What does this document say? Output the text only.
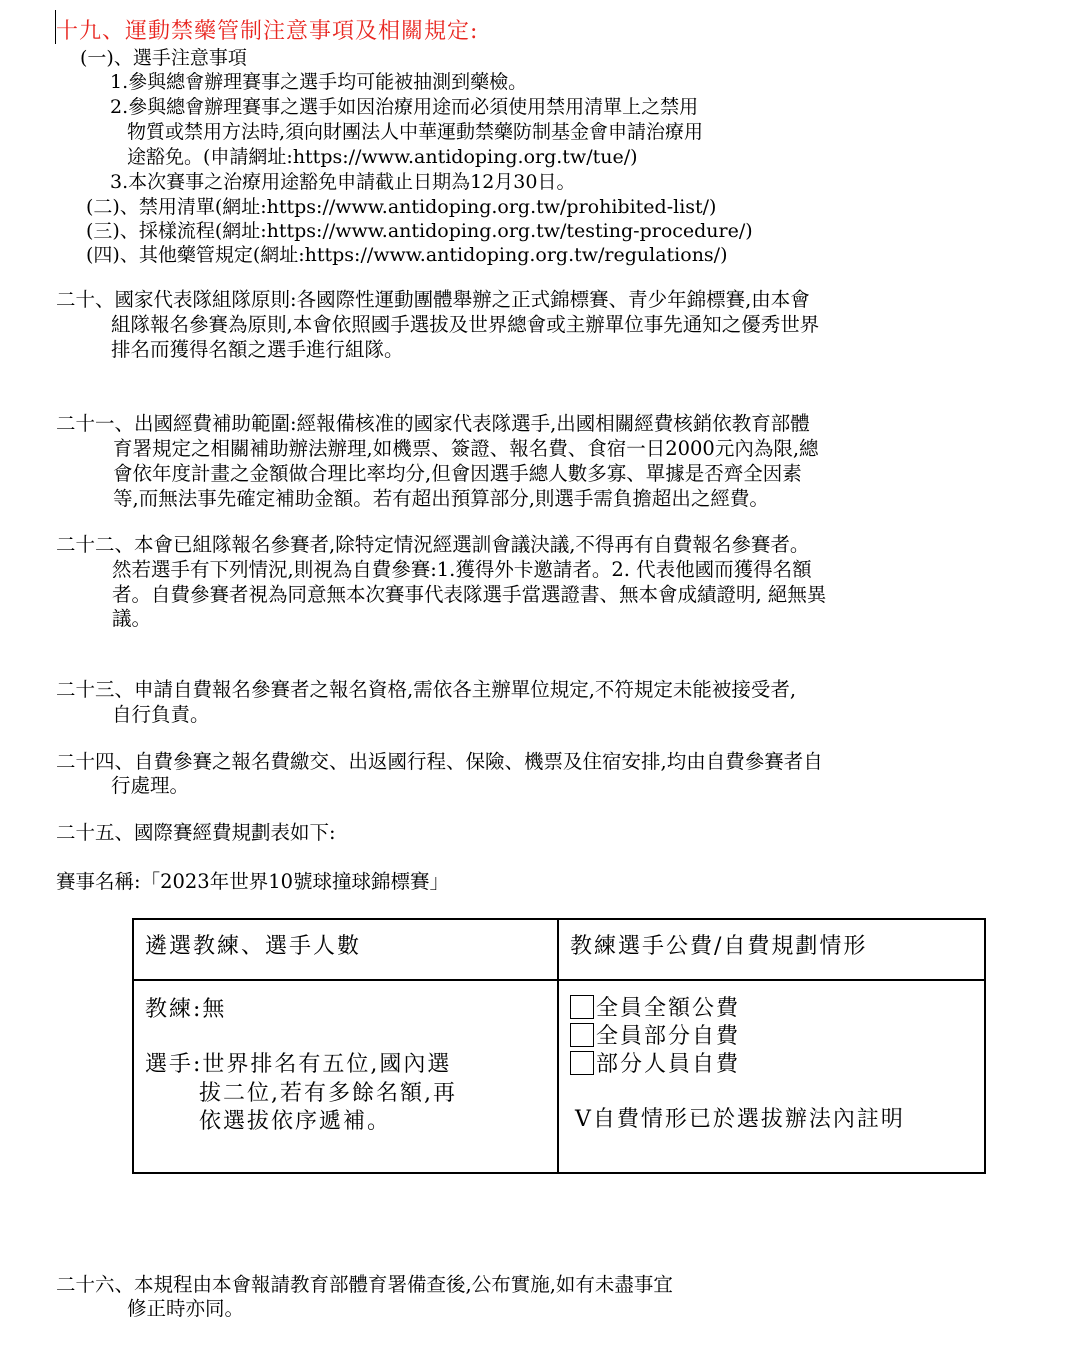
十九、運動禁藥管制注意事項及相關規定:
(一)、選手注意事項
1.參與總會辦理賽事之選手均可能被抽測到藥檢。
2.參與總會辦理賽事之選手如因治療用途而必須使用禁用清單上之禁用
物質或禁用方法時,須向財團法人中華運動禁藥防制基金會申請治療用
途豁免。(申請網址:https://www.antidoping.org.tw/tue/)
3.本次賽事之治療用途豁免申請截止日期為12月30日。
(二)、禁用清單(網址:https://www.antidoping.org.tw/prohibited-list/)
(三)、採樣流程(網址:https://www.antidoping.org.tw/testing-procedure/)
(四)、其他藥管規定(網址:https://www.antidoping.org.tw/regulations/)
二十、國家代表隊組隊原則:各國際性運動團體舉辦之正式錦標賽、青少年錦標賽,由本會
組隊報名參賽為原則,本會依照國手選拔及世界總會或主辦單位事先通知之優秀世界
排名而獲得名額之選手進行組隊。
二十一、出國經費補助範圍:經報備核准的國家代表隊選手,出國相關經費核銷依教育部體
育署規定之相關補助辦法辦理,如機票、簽證、報名費、食宿一日2000元內為限,總
會依年度計畫之金額做合理比率均分,但會因選手總人數多寡、單據是否齊全因素
等,而無法事先確定補助金額。若有超出預算部分,則選手需負擔超出之經費。
二十二、本會已組隊報名參賽者,除特定情況經選訓會議決議,不得再有自費報名參賽者。
然若選手有下列情況,則視為自費參賽:1.獲得外卡邀請者。2. 代表他國而獲得名額
者。自費參賽者視為同意無本次賽事代表隊選手當選證書、無本會成績證明, 絕無異
議。
二十三、申請自費報名參賽者之報名資格,需依各主辦單位規定,不符規定未能被接受者,
自行負責。
二十四、自費參賽之報名費繳交、出返國行程、保險、機票及住宿安排,均由自費參賽者自
行處理。
二十五、國際賽經費規劃表如下:
賽事名稱:「2023年世界10號球撞球錦標賽」
遴選教練、選手人數	教練選手公費/自費規劃情形
教練:無
選手:世界排名有五位,國內選
拔二位,若有多餘名額,再
依選拔依序遞補。
全員全額公費
全員部分自費
部分人員自費
V自費情形已於選拔辦法內註明
二十六、本規程由本會報請教育部體育署備查後,公布實施,如有未盡事宜
修正時亦同。
